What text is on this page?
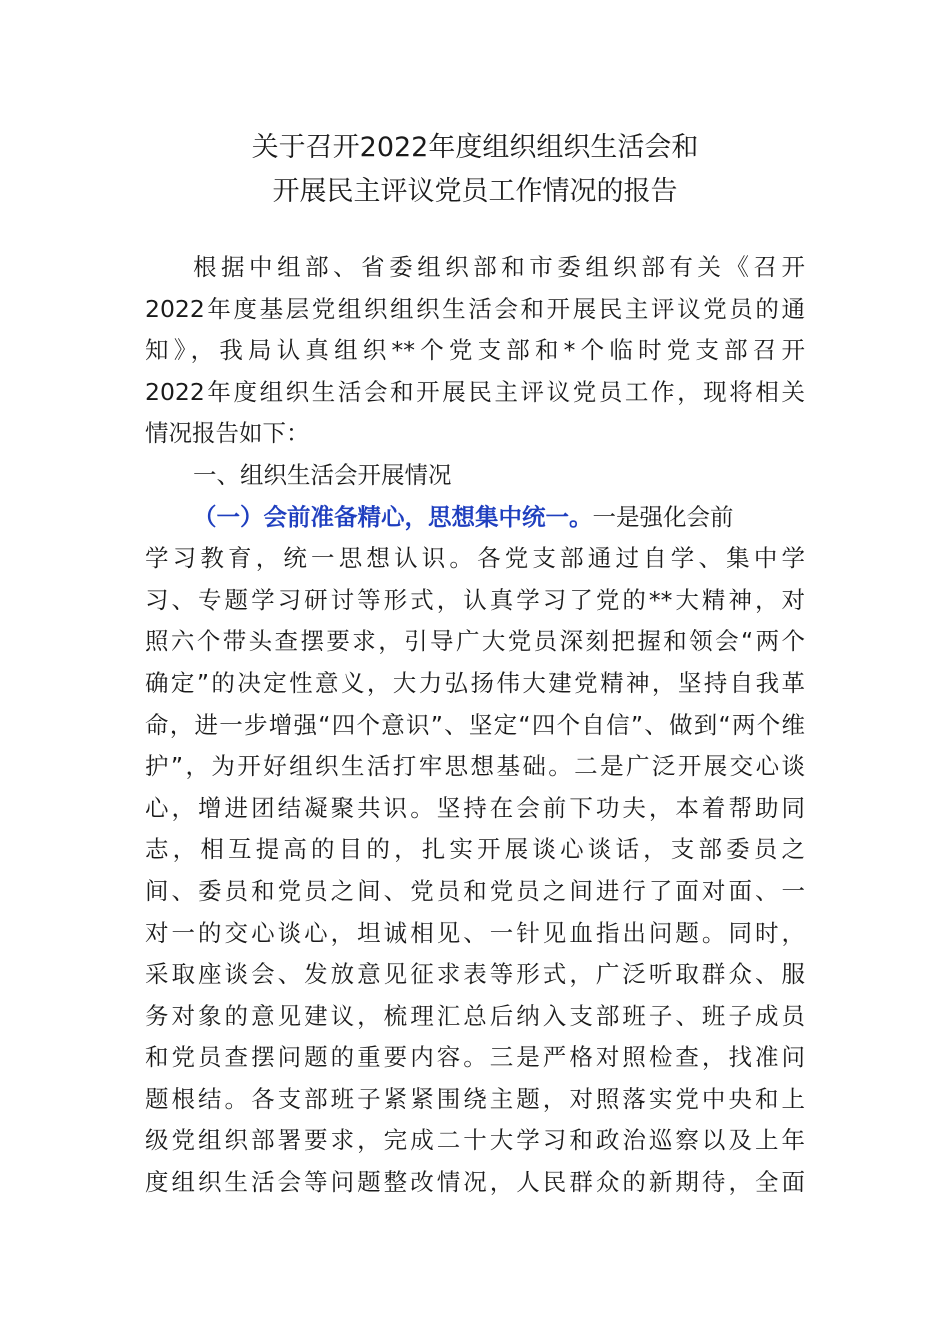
关于召开2022年度组织组织生活会和
开展民主评议党员工作情况的报告
根据中组部、省委组织部和市委组织部有关《召开
2022年度基层党组织组织生活会和开展民主评议党员的通
知》，我局认真组织**个党支部和*个临时党支部召开
2022年度组织生活会和开展民主评议党员工作，现将相关
情况报告如下：
一、组织生活会开展情况
（一）会前准备精心，思想集中统一。一是强化会前
学习教育，统一思想认识。各党支部通过自学、集中学
习、专题学习研讨等形式，认真学习了党的**大精神，对
照六个带头查摆要求，引导广大党员深刻把握和领会“两个
确定”的决定性意义，大力弘扬伟大建党精神，坚持自我革
命，进一步增强“四个意识”、坚定“四个自信”、做到“两个维
护”，为开好组织生活打牢思想基础。二是广泛开展交心谈
心，增进团结凝聚共识。坚持在会前下功夫，本着帮助同
志，相互提高的目的，扎实开展谈心谈话，支部委员之
间、委员和党员之间、党员和党员之间进行了面对面、一
对一的交心谈心，坦诚相见、一针见血指出问题。同时，
采取座谈会、发放意见征求表等形式，广泛听取群众、服
务对象的意见建议，梳理汇总后纳入支部班子、班子成员
和党员查摆问题的重要内容。三是严格对照检查，找准问
题根结。各支部班子紧紧围绕主题，对照落实党中央和上
级党组织部署要求，完成二十大学习和政治巡察以及上年
度组织生活会等问题整改情况，人民群众的新期待，全面
